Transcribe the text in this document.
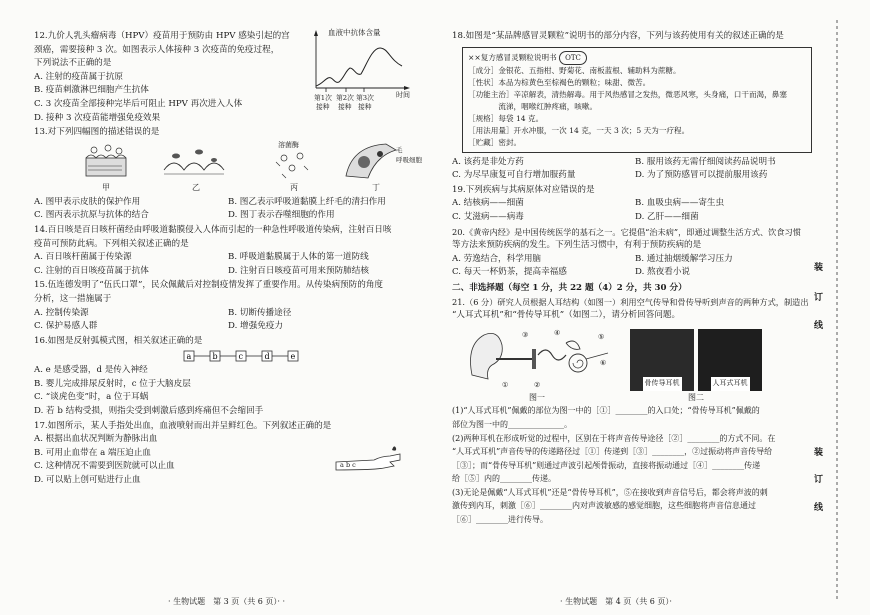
12.九价人乳头瘤病毒（HPV）疫苗用于预防由 HPV 感染引起的宫
颈癌，需要接种 3 次。如图表示人体接种 3 次疫苗的免疫过程，
下列说法不正确的是
A. 注射的疫苗属于抗原
B. 疫苗刺激淋巴细胞产生抗体
C. 3 次疫苗全部接种完毕后可阻止 HPV 再次进入人体
D. 接种 3 次疫苗能增强免疫效果
血液中抗体含量
时间
第1次
接种
第2次
接种
第3次
接种
13.对下列四幅图的描述错误的是
溶菌酶
毛
呼吸细胞
甲	乙	丙	丁
A. 图甲表示皮肤的保护作用	B. 图乙表示呼吸道黏膜上纤毛的清扫作用
C. 图丙表示抗原与抗体的结合	D. 图丁表示吞噬细胞的作用
14.百日咳是百日咳杆菌经由呼吸道黏膜侵入人体而引起的一种急性呼吸道传染病，注射百日咳
疫苗可预防此病。下列相关叙述正确的是
A. 百日咳杆菌属于传染源	B. 呼吸道黏膜属于人体的第一道防线
C. 注射的百日咳疫苗属于抗体	D. 注射百日咳疫苗可用来预防肺结核
15.伍连德发明了“伍氏口罩”，民众佩戴后对控制疫情发挥了重要作用。从传染病预防的角度
分析，这一措施属于
A. 控制传染源	B. 切断传播途径
C. 保护易感人群	D. 增强免疫力
16.如图是反射弧模式图，相关叙述正确的是
a	b	c	d	e
A. e 是感受器，d 是传入神经
B. 婴儿完成排尿反射时，c 位于大脑皮层
C. “谈虎色变”时，a 位于耳蜗
D. 若 b 结构受损，则指尖受到刺激后感到疼痛但不会缩回手
17.如图所示，某人手指处出血，血液喷射而出并呈鲜红色。下列叙述正确的是
A. 根据出血状况判断为静脉出血
B. 可用止血带在 a 端压迫止血
C. 这种情况不需要到医院就可以止血
D. 可以贴上创可贴进行止血
a b c
· 生物试题　第 3 页（共 6 页）· ·
18.如图是“某品牌感冒灵颗粒”说明书的部分内容，下列与该药使用有关的叙述正确的是
××复方感冒灵颗粒说明书 OTC
［成分］金银花、五指柑、野菊花、南板蓝根、辅助料为蔗糖。
［性状］本品为棕黄色至棕褐色的颗粒；味甜、微苦。
［功能主治］辛凉解表，清热解毒。用于风热感冒之发热，微恶风寒，头身痛，口干而渴，鼻塞
　　　　流涕，咽喉红肿疼痛，咳嗽。
［规格］每袋 14 克。
［用法用量］开水冲服，一次 14 克，一天 3 次；5 天为一疗程。
［贮藏］密封。
A. 该药是非处方药	B. 服用该药无需仔细阅读药品说明书
C. 为尽早康复可自行增加服药量	D. 为了预防感冒可以提前服用该药
19.下列疾病与其病原体对应错误的是
A. 结核病——细菌	B. 血吸虫病——寄生虫
C. 艾滋病——病毒	D. 乙肝——细菌
20.《黄帝内经》是中国传统医学的基石之一。它提倡“治未病”，即通过调整生活方式、饮食习惯
等方法来预防疾病的发生。下列生活习惯中，有利于预防疾病的是
A. 劳逸结合，科学用脑	B. 通过抽烟缓解学习压力
C. 每天一杯奶茶，提高幸福感	D. 熬夜看小说
二、非选择题（每空 1 分，共 22 题（4）2 分，共 30 分）
21.（6 分）研究人员根据人耳结构（如图一）利用空气传导和骨传导听到声音的两种方式，制造出
“人耳式耳机”和“骨传导耳机”（如图二），请分析回答问题。
③	④	⑤
⑥
①	②
图一
骨传导耳机	人耳式耳机
图二
(1)“人耳式耳机”佩戴的部位为图一中的［①］________的入口处；“骨传导耳机”佩戴的
部位为图一中的______________。
(2)两种耳机在形成听觉的过程中，区别在于将声音传导途径［②］________的方式不同。在
“人耳式耳机”声音传导的传递路径过［①］传递到［③］________，②过振动将声音传导给
［③］；而“骨传导耳机”则通过声波引起颅骨振动，直接将振动通过［④］________传递
给［⑤］内的________传递。
(3)无论是佩戴“人耳式耳机”还是“骨传导耳机”，⑤在接收到声音信号后，都会将声波的刺
激传到内耳，刺激［⑥］________内对声波敏感的感觉细胞，这些细胞将声音信息通过
［⑥］________进行传导。
· 生物试题　第 4 页（共 6 页）·
装
订
线
装
订
线
